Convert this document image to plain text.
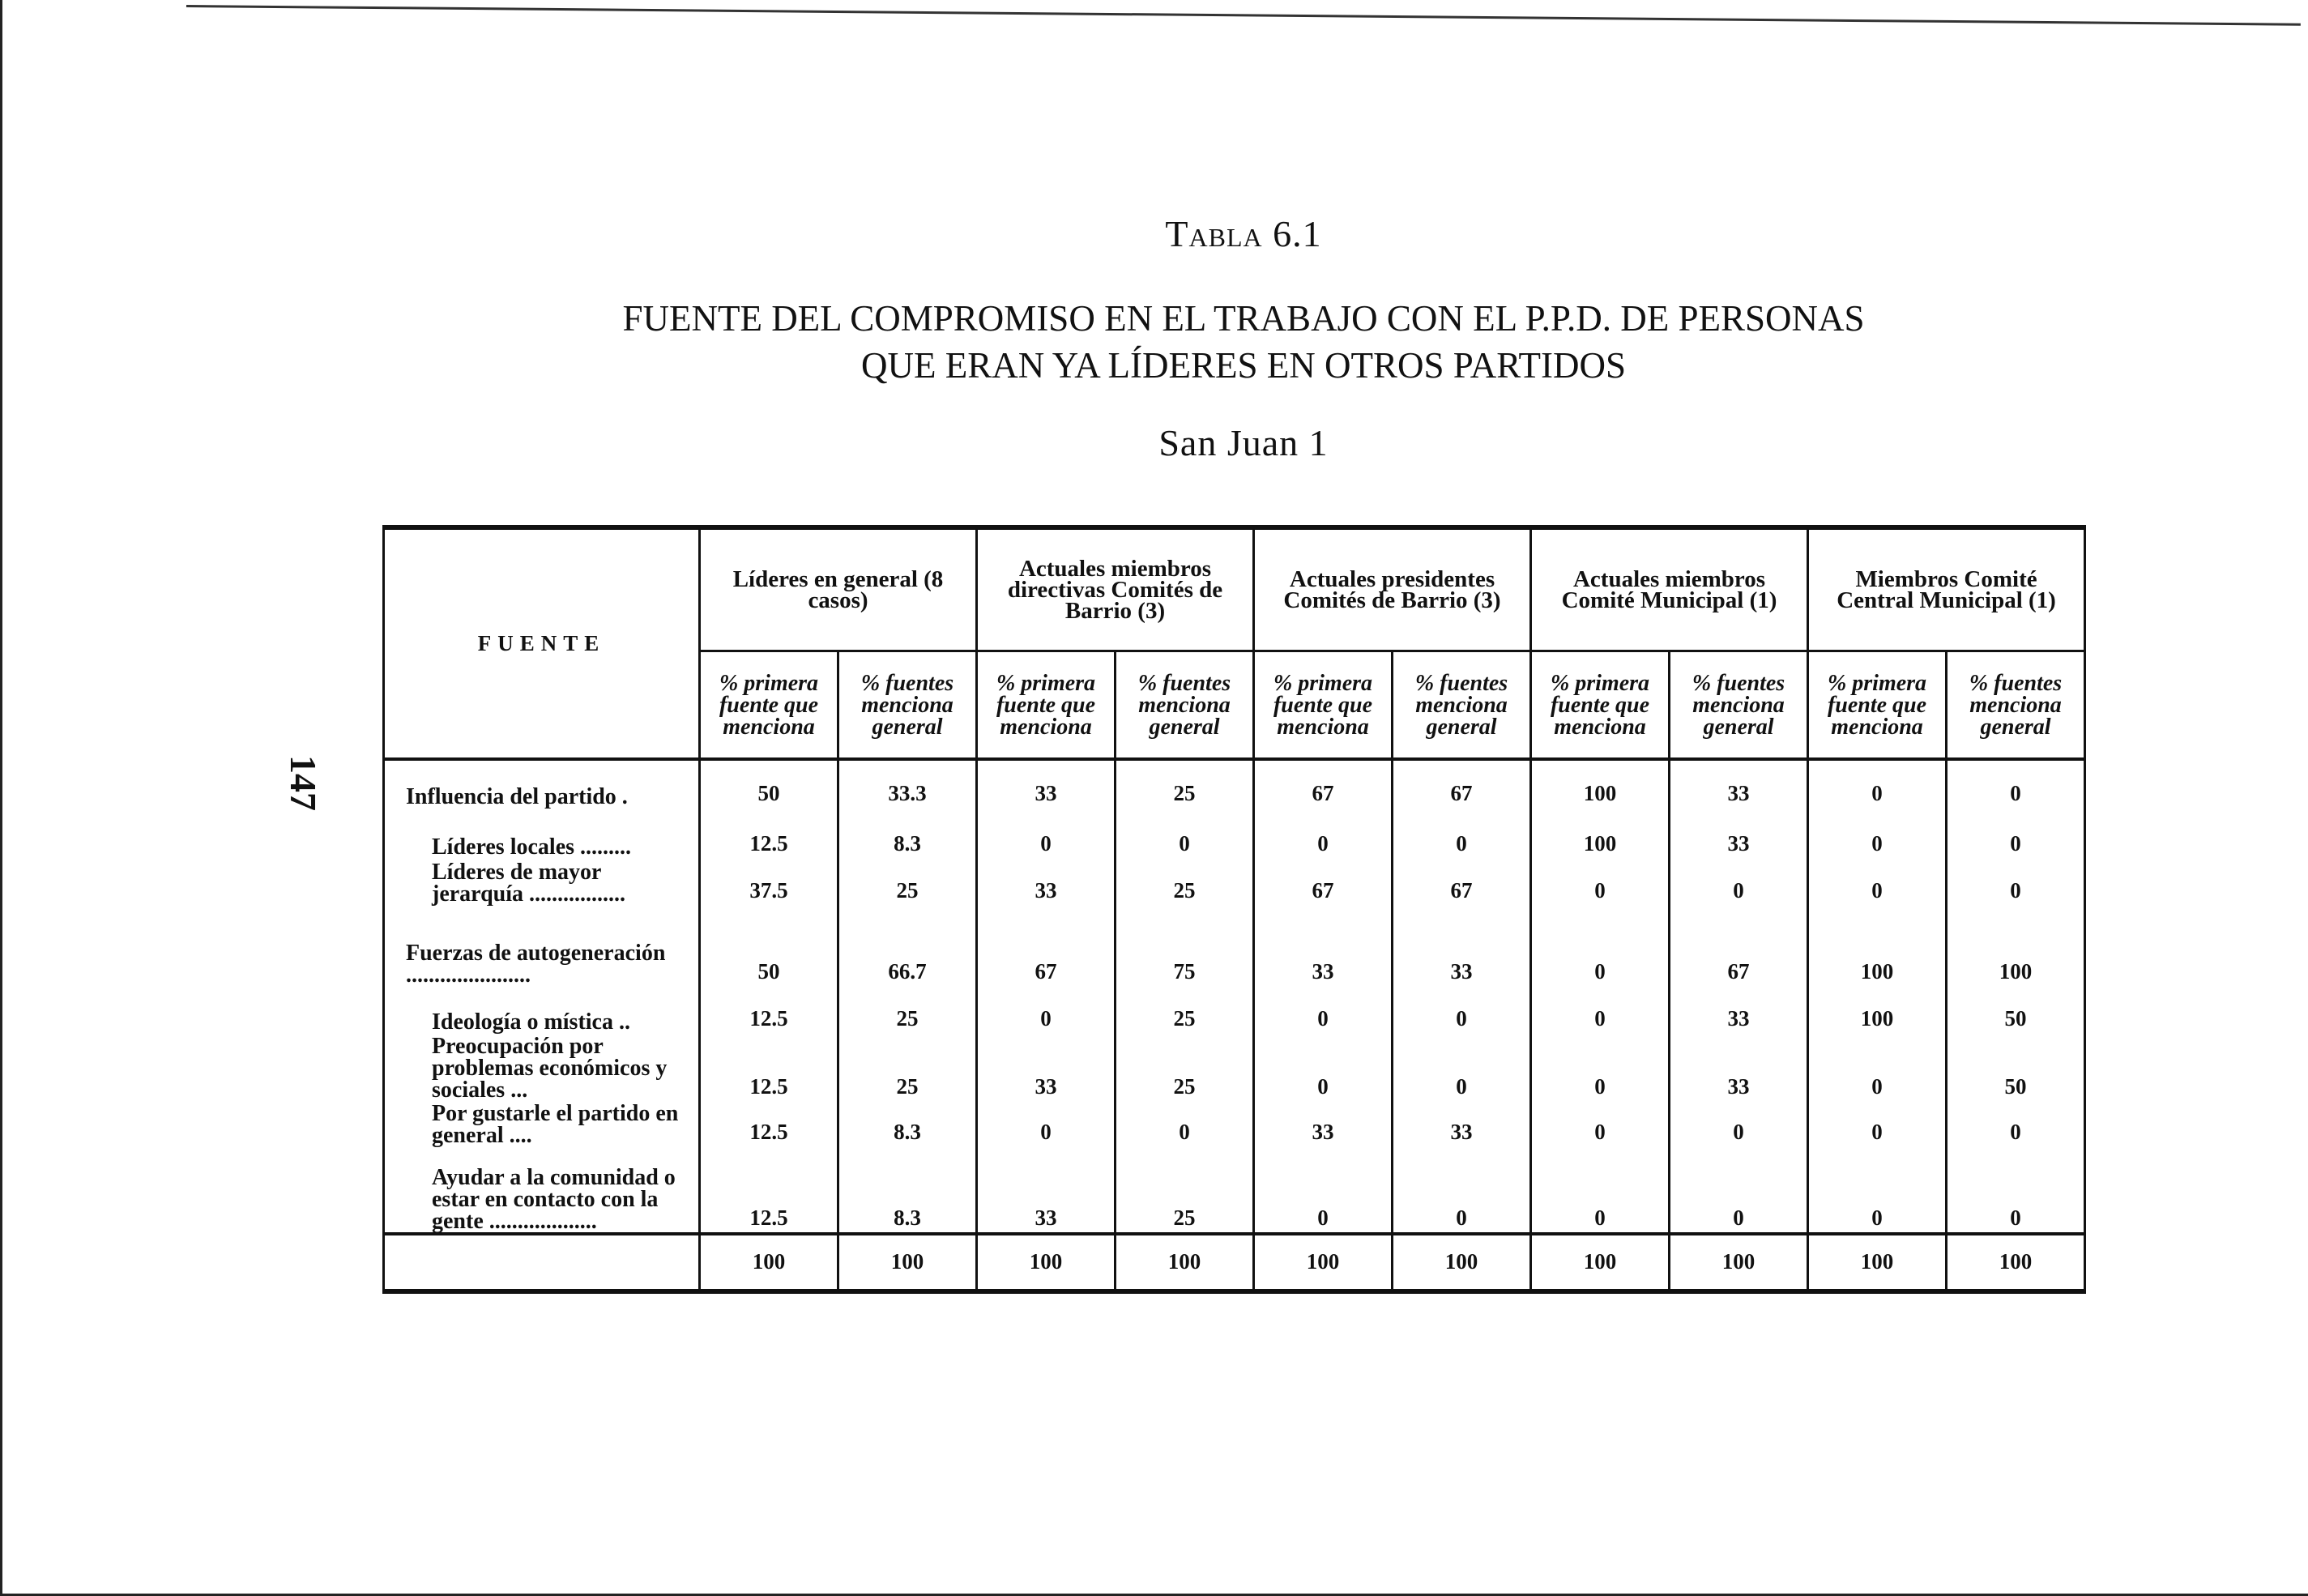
147
Tabla 6.1
FUENTE DEL COMPROMISO EN EL TRABAJO CON EL P.P.D. DE PERSONAS
QUE ERAN YA LÍDERES EN OTROS PARTIDOS
San Juan 1
FUENTE	Líderes en general (8 casos)		Actuales miembros directivas Comités de Barrio (3)		Actuales presidentes Comités de Barrio (3)		Actuales miembros Comité Municipal (1)		Miembros Comité Central Municipal (1)	
	% primera fuente que menciona	% fuentes menciona general	% primera fuente que menciona	% fuentes menciona general	% primera fuente que menciona	% fuentes menciona general	% primera fuente que menciona	% fuentes menciona general	% primera fuente que menciona	% fuentes menciona general

Influencia del partido .	50	33.3	33	25	67	67	100	33	0	0
Líderes locales .........	12.5	8.3	0	0	0	0	100	33	0	0
Líderes de mayor jerarquía .................	37.5	25	33	25	67	67	0	0	0	0
Fuerzas de autogeneración ......................	50	66.7	67	75	33	33	0	67	100	100
Ideología o mística ..	12.5	25	0	25	0	0	0	33	100	50
Preocupación por problemas económicos y sociales ...	12.5	25	33	25	0	0	0	33	0	50
Por gustarle el partido en general ....	12.5	8.3	0	0	33	33	0	0	0	0
Ayudar a la comunidad o estar en contacto con la gente ...................	12.5	8.3	33	25	0	0	0	0	0	0
	100	100	100	100	100	100	100	100	100	100
